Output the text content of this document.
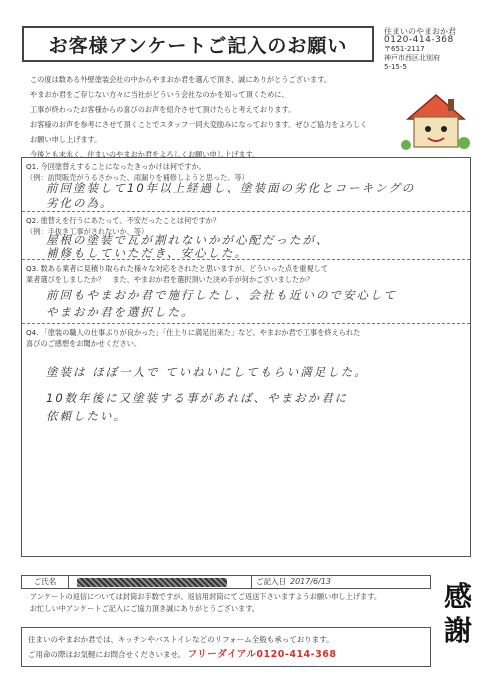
お客様アンケートご記入のお願い
住まいのやまおか君
0120-414-368
〒651-2117
神戸市西区北別府
5-15-5
この度は数ある外壁塗装会社の中からやまおか君を選んで頂き、誠にありがとうございます。
やまおか君をご存じない方々に当社がどういう会社なのかを知って頂くために、
工事が終わったお客様からの喜びのお声を紹介させて頂けたらと考えております。
お客様のお声を参考にさせて頂くことでスタッフ一同大変励みになっております。ぜひご協力をよろしくお願い申し上げます。
今後とも末永く、住まいのやまおか君をよろしくお願い申し上げます。
Q1. 今回塗替えすることになったきっかけは何ですか。
（例：訪問販売がうるさかった、雨漏りを補修しようと思った、等）
前回塗装して10年以上経過し、塗装面の劣化とコーキングの
劣化の為。
Q2. 塗替えを行うにあたって、不安だったことは何ですか？
（例：手抜き工事がされないか、等）
屋根の塗装で瓦が割れないかが心配だったが、
補修もしていただき、安心した。
Q3. 数ある業者に見積り取られた様々な対応をされたと思いますが、どういった点を重視して
業者選びをしましたか？　また、やまおか君を選択頂いた決め手が何かございましたか？
前回もやまおか君で施行したし、会社も近いので安心して
やまおか君を選択した。
Q4. 「塗装の職人の仕事ぶりが良かった」「仕上りに満足出来た」など、やまおか君で工事を終えられた
喜びのご感想をお聞かせください。
塗装は ほぼ一人で ていねいにしてもらい満足した。
10数年後に又塗装する事があれば、やまおか君に
依頼したい。
ご氏名	ご記入日 2017/6/13
アンケートの返信については封筒お手数ですが、返信用封筒にてご返送下さいますようお願い申し上げます。
お忙しい中アンケートご記入にご協力頂き誠にありがとうございます。
住まいのやまおか君では、キッチンやバストイレなどのリフォーム全般も承っております。
ご用命の際はお気軽にお問合せくださいませ。 フリーダイアル0120-414-368
感
謝
